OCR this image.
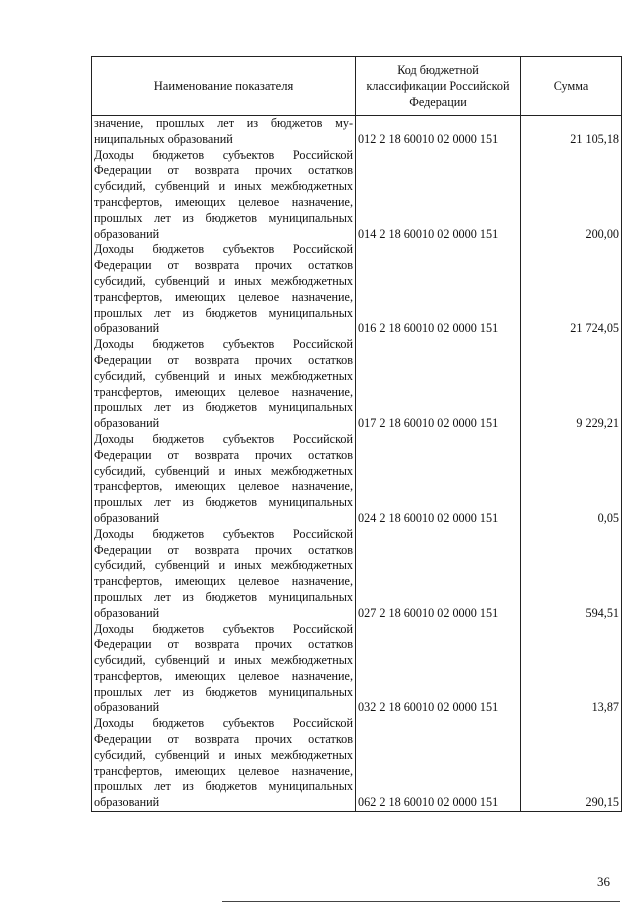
Наименование показателя	Код бюджетной классификации Российской Федерации	Сумма
значение, прошлых лет из бюджетов муниципальных образований	012 2 18 60010 02 0000 151	21 105,18
Доходы бюджетов субъектов Российской Федерации от возврата прочих остатков субсидий, субвенций и иных межбюджетных трансфертов, имеющих целевое назначение, прошлых лет из бюджетов муниципальных образований	014 2 18 60010 02 0000 151	200,00
Доходы бюджетов субъектов Российской Федерации от возврата прочих остатков субсидий, субвенций и иных межбюджетных трансфертов, имеющих целевое назначение, прошлых лет из бюджетов муниципальных образований	016 2 18 60010 02 0000 151	21 724,05
Доходы бюджетов субъектов Российской Федерации от возврата прочих остатков субсидий, субвенций и иных межбюджетных трансфертов, имеющих целевое назначение, прошлых лет из бюджетов муниципальных образований	017 2 18 60010 02 0000 151	9 229,21
Доходы бюджетов субъектов Российской Федерации от возврата прочих остатков субсидий, субвенций и иных межбюджетных трансфертов, имеющих целевое назначение, прошлых лет из бюджетов муниципальных образований	024 2 18 60010 02 0000 151	0,05
Доходы бюджетов субъектов Российской Федерации от возврата прочих остатков субсидий, субвенций и иных межбюджетных трансфертов, имеющих целевое назначение, прошлых лет из бюджетов муниципальных образований	027 2 18 60010 02 0000 151	594,51
Доходы бюджетов субъектов Российской Федерации от возврата прочих остатков субсидий, субвенций и иных межбюджетных трансфертов, имеющих целевое назначение, прошлых лет из бюджетов муниципальных образований	032 2 18 60010 02 0000 151	13,87
Доходы бюджетов субъектов Российской Федерации от возврата прочих остатков субсидий, субвенций и иных межбюджетных трансфертов, имеющих целевое назначение, прошлых лет из бюджетов муниципальных образований	062 2 18 60010 02 0000 151	290,15
36
